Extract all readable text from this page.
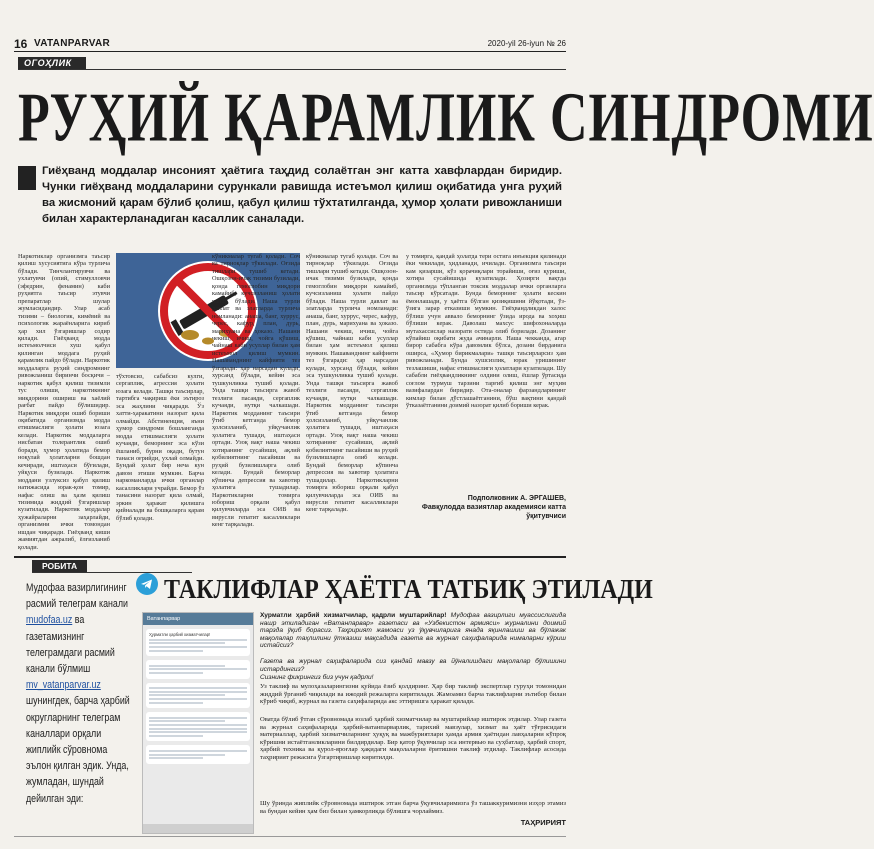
16 VATANPARVAR	2020-yil 26-iyun № 26
ОГОҲЛИК
РУҲИЙ ҚАРАМЛИК СИНДРОМИ

Гиёҳванд моддалар инсоният ҳаётига таҳдид солаётган энг катта хавфлардан биридир. Чунки гиёҳванд моддаларини сурункали равишда истеъмол қилиш оқибатида унга руҳий ва жисмоний қарам бўлиб қолиш, қабул қилиш тўхтатилганда, ҳумор ҳолати ривожланиши билан характерланадиган касаллик саналади.

Наркотиклар организмга таъсир қилиш хусусиятига кўра турлича бўлади. Тинчлантирувчи ва ухлатувчи (опий, стимулловчи (эфедрин, фенамин) каби руҳиятга таъсир этувчи препаратлар шулар жумласидандир. Улар асаб тизими – биологик, кимёвий ва психологик жараёнларига кириб ҳар хил ўзгаришлар содир қилади. Гиёҳванд модда истеъмолчиси хуш қабул қилинган моддага руҳий қарамлик пайдо бўлади. Наркотик моддаларга руҳий синдромнинг ривожланиш биринчи босқичи – наркотик қабул қилиш тизимли тус олиши, наркотикнинг миқдорини ошириш ва хаёлий рағбат пайдо бўлишидир. Наркотик миқдори ошиб бориши оқибатида организмда модда етишмаслиги ҳолати юзага келади. Наркотик моддаларга нисбатан толерантлик ошиб боради, ҳумор ҳолатида бемор ноқулай ҳолатларни бошдан кечиради, иштаҳаси бўғилади, уйқуси бузилади. Наркотик моддани узлуксиз қабул қилиш натижасида юрак-қон томир, нафас олиш ва ҳазм қилиш тизимида жиддий ўзгаришлар кузатилади. Наркотик моддалар ҳужайраларни заҳарлайди, организмни ички томондан ишдан чиқаради. Гиёҳванд киши жамиятдан ажралиб, ёлғизланиб қолади.
тўхтовсиз, сабабсиз кулги, сергаплик, агрессия ҳолати юзага келади. Ташқи таъсирлар, тартибга чақириш ёки эътироз эса жаҳлини чиқаради. Ўз хатти-ҳаракатини назорат қила олмайди. Абстиненция, яъни ҳумор синдроми бошланганда модда етишмаслиги ҳолати кучаяди, беморнинг эса кўзи ёшланиб, бурни оқади, бутун танаси оғрийди, ухлай олмайди. Бундай ҳолат бир неча кун давом этиши мумкин. Барча наркоманларда ички органлар касалликлари учрайди. Бемор ўз танасини назорат қила олмай, эркин ҳаракат қилишга қийналади ва бошқаларга қарам бўлиб қолади.
кўникмалар тугаб қолади. Соч ва тирноқлар тўкилади. Оғзида тишлари тушиб кетади. Ошқозон-ичак тизими бузилади, қонда гемоглобин миқдори камайиб, кучсизланиш ҳолати пайдо бўлади. Наша турли давлат ва элатларда турлича номланади: анаша, банг, хуррус, черес, кафур, план, дурь, марихуана ва ҳоказо. Нашани чекиш, ичиш, чойга қўшиш, чайнаш каби усуллар билан ҳам истеъмол қилиш мумкин. Нашаванднинг кайфияти тез ўзгаради: ҳар нарсадан кулади, хурсанд бўлади, кейин эса тушкунликка тушиб қолади. Унда ташқи таъсирга жавоб тезлиги пасаяди, сергаплик кучаяди, нутқи чалкашади. Наркотик модданинг таъсири ўтиб кетганда бемор ҳолсизланиб, уйқучанлик ҳолатига тушади, иштаҳаси ортади. Узоқ вақт наша чекиш хотиранинг сусайиши, ақлий қобилиятнинг пасайиши ва руҳий бузилишларга олиб келади. Бундай беморлар кўпинча депрессия ва хавотир ҳолатига тушадилар. Наркотикларни томирга юбориш орқали қабул қилувчиларда эса ОИВ ва вирусли гепатит касалликлари кенг тарқалади.
кўникмалар тугаб қолади. Соч ва тирноқлар тўкилади. Оғзида тишлари тушиб кетади. Ошқозон-ичак тизими бузилади, қонда гемоглобин миқдори камайиб, кучсизланиш ҳолати пайдо бўлади. Наша турли давлат ва элатларда турлича номланади: анаша, банг, хуррус, черес, кафур, план, дурь, марихуана ва ҳоказо. Нашани чекиш, ичиш, чойга қўшиш, чайнаш каби усуллар билан ҳам истеъмол қилиш мумкин. Нашаванднинг кайфияти тез ўзгаради: ҳар нарсадан кулади, хурсанд бўлади, кейин эса тушкунликка тушиб қолади. Унда ташқи таъсирга жавоб тезлиги пасаяди, сергаплик кучаяди, нутқи чалкашади. Наркотик модданинг таъсири ўтиб кетганда бемор ҳолсизланиб, уйқучанлик ҳолатига тушади, иштаҳаси ортади. Узоқ вақт наша чекиш хотиранинг сусайиши, ақлий қобилиятнинг пасайиши ва руҳий бузилишларга олиб келади. Бундай беморлар кўпинча депрессия ва хавотир ҳолатига тушадилар. Наркотикларни томирга юбориш орқали қабул қилувчиларда эса ОИВ ва вирусли гепатит касалликлари кенг тарқалади.
у томирга, қандай ҳолатда тери остига инъекция қилинади ёки чекилади, ҳидланади, ичилади. Организмга таъсири кам қизарши, кўз қорачиқлари торайиши, оғиз қуриши, хотира сусайишида кузатилади. Ҳозирги вақтда организмда тўпланган токсик моддалар ички органларга таъсир кўрсатади. Бунда беморнинг ҳолати кескин ёмонлашади, у ҳаётга бўлган қизиқишини йўқотади, ўз-ўзига зарар етказиши мумкин. Гиёҳвандликдан халос бўлиш учун аввало беморнинг ўзида ирода ва хоҳиш бўлиши керак. Даволаш махсус шифохоналарда мутахассислар назорати остида олиб борилади. Дозанинг кўпайиш оқибати жуда ачинарли. Наша чекканда, агар бирор сабабга кўра давомлик бўлса, дозани бирданига оширса, «Ҳумор бирикмалари» ташқи таъсирларсиз ҳам ривожланади. Бунда хушсизлик, юрак уришининг тезлашиши, нафас етишмаслиги ҳолатлари кузатилади. Шу сабабли гиёҳвандликнинг олдини олиш, ёшлар ўртасида соғлом турмуш тарзини тарғиб қилиш энг муҳим вазифалардан биридир. Ота-оналар фарзандларининг кимлар билан дўстлашаётганини, бўш вақтини қандай ўтказаётганини доимий назорат қилиб бориши керак.
Подполковник А. ЭРГАШЕВ,
Фавқулодда вазиятлар академияси катта ўқитувчиси
РОБИТА
Мудофаа вазирлигининг расмий телеграм канали mudofaa.uz ва газетамизнинг телеграмдаги расмий канали бўлмиш mv_vatanparvar.uz шунингдек, барча ҳарбий округларнинг телеграм каналлари орқали жиплийк сўровнома эълон қилган эдик. Унда, жумладан, шундай дейилган эди:
ТАКЛИФЛАР ҲАЁТГА ТАТБИҚ ЭТИЛАДИ
Ватанпарвар
Ҳурматли ҳарбий хизматчилар!
Хурматли ҳарбий хизматчилар, қадрли муштарийлар! Мудофаа вазирлиги муассислигида нашр этиладиган «Ватанпарвар» газетаси ва «Узбекистон армияси» журналини доимий тарзда ўқиб борасиз. Таҳририят жамоаси уз ўқувчиларига янада яқинлашиш ва бўлажак мақолалар таҳлилини ўтказиш мақсадида газета ва журнал саҳифаларида нималарни кўриш истайсиз?
Газета ва журнал саҳифаларида сиз қандай мавзу ва йўналишдаги мақолалар бўлишини истардингиз?
Сизнинг фикрингиз биз учун қадрли!
Уз таклиф ва мулоҳазаларингизни қуйида ёзиб қолдиринг. Ҳар бир таклиф экспертлар гуруҳи томонидан жиддий ўрганиб чиқилади ва ижодий режаларга киритилади. Жамоамиз барча таклифларни эътибор билан кўриб чиқиб, журнал ва газета саҳифаларида акс эттиришга ҳаракат қилади.
Оватда бўлиб ўтган сўровномада юзлаб ҳарбий хизматчилар ва муштарийлар иштирок этдилар. Улар газета ва журнал саҳифаларида ҳарбий-ватанпарварлик, тарихий мавзулар, хизмат ва ҳаёт тўғрисидаги материаллар, ҳарбий хизматчиларнинг ҳуқуқ ва мажбуриятлари ҳамда армия ҳаётидан лавҳаларни кўпроқ кўришни истаётганликларини билдирдилар. Бир қатор ўқувчилар эса интервью ва суҳбатлар, ҳарбий спорт, ҳарбий техника ва қурол-яроғлар ҳақидаги мақолаларни ёритишни таклиф этдилар. Таклифлар асосида таҳририят режасига ўзгартиришлар киритилди.
Шу ўринда жиплийк сўровномада иштирок этган барча ўқувчиларимизга ўз ташаккуримизни изҳор этамиз ва бундан кейин ҳам биз билан ҳамкорликда бўлишга чорлаймиз.
ТАҲРИРИЯТ
